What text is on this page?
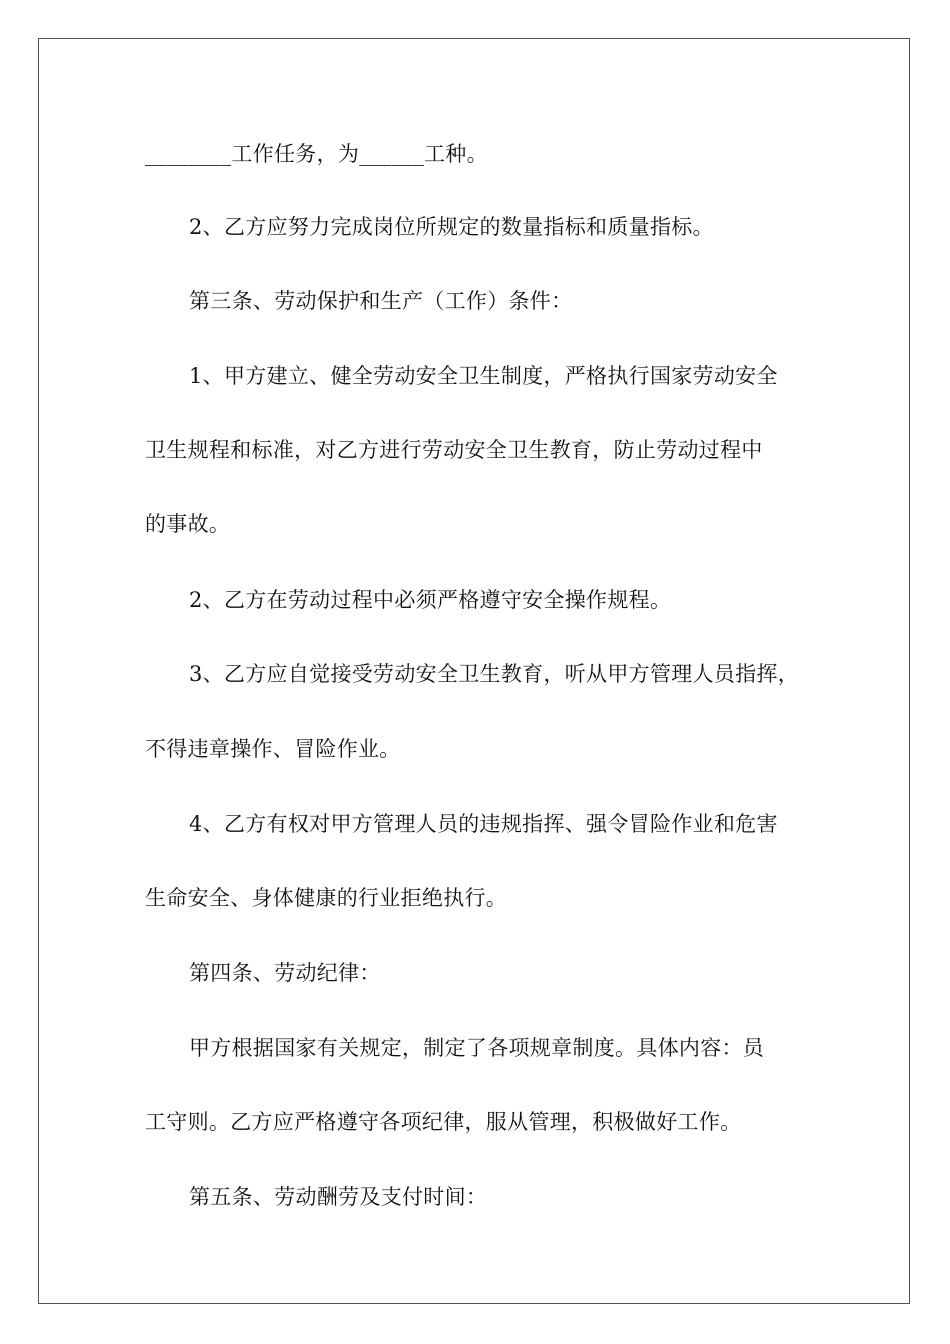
________工作任务，为______工种。
2、乙方应努力完成岗位所规定的数量指标和质量指标。
第三条、劳动保护和生产（工作）条件：
1、甲方建立、健全劳动安全卫生制度，严格执行国家劳动安全
卫生规程和标准，对乙方进行劳动安全卫生教育，防止劳动过程中
的事故。
2、乙方在劳动过程中必须严格遵守安全操作规程。
3、乙方应自觉接受劳动安全卫生教育，听从甲方管理人员指挥，
不得违章操作、冒险作业。
4、乙方有权对甲方管理人员的违规指挥、强令冒险作业和危害
生命安全、身体健康的行业拒绝执行。
第四条、劳动纪律：
甲方根据国家有关规定，制定了各项规章制度。具体内容：员
工守则。乙方应严格遵守各项纪律，服从管理，积极做好工作。
第五条、劳动酬劳及支付时间：
